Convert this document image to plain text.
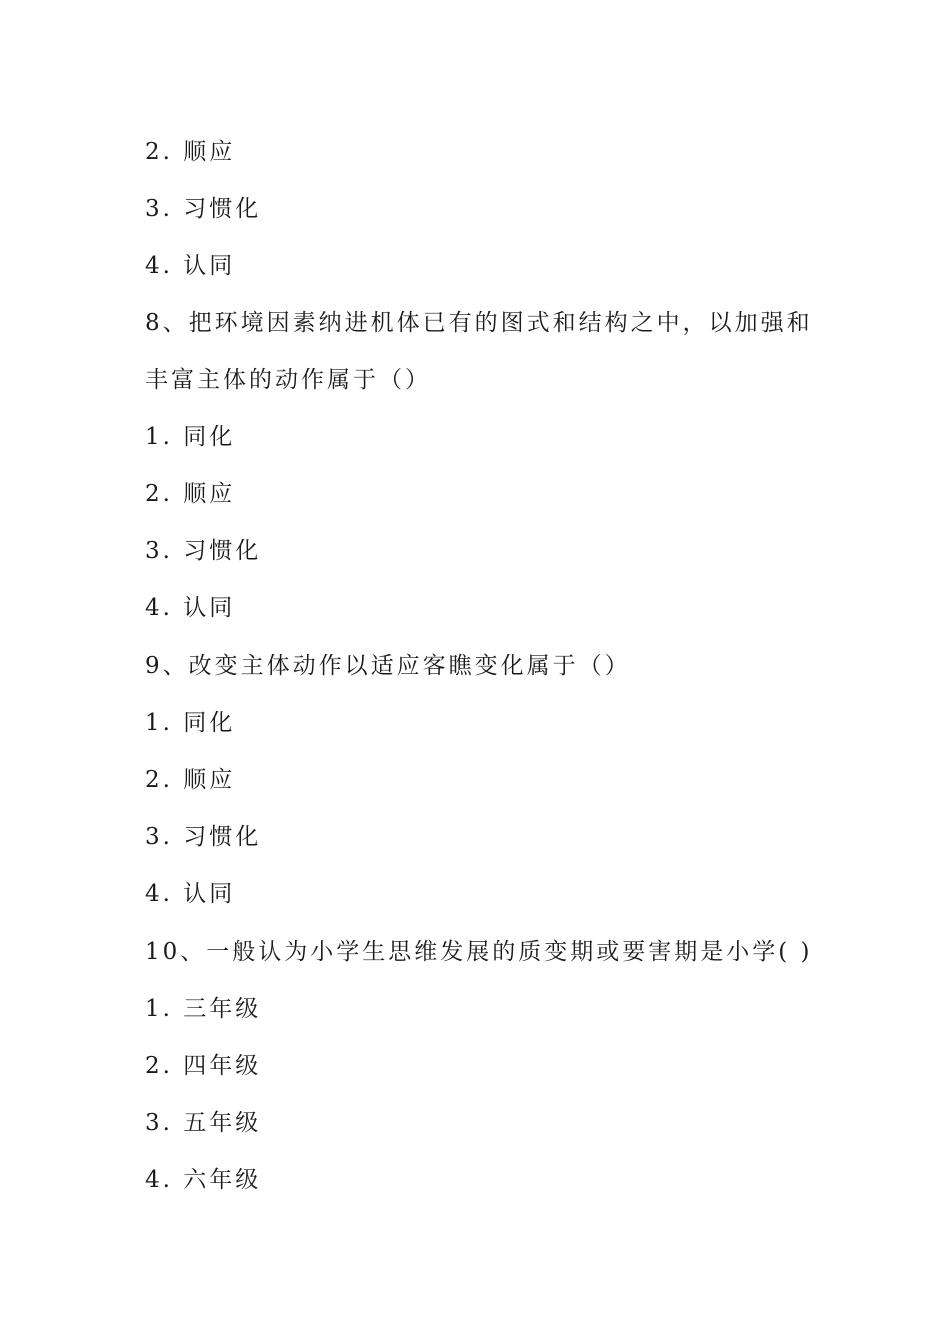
2. 顺应
3. 习惯化
4. 认同
8、把环境因素纳进机体已有的图式和结构之中，以加强和
丰富主体的动作属于（）
1. 同化
2. 顺应
3. 习惯化
4. 认同
9、改变主体动作以适应客瞧变化属于（）
1. 同化
2. 顺应
3. 习惯化
4. 认同
10、一般认为小学生思维发展的质变期或要害期是小学( )
1. 三年级
2. 四年级
3. 五年级
4. 六年级
